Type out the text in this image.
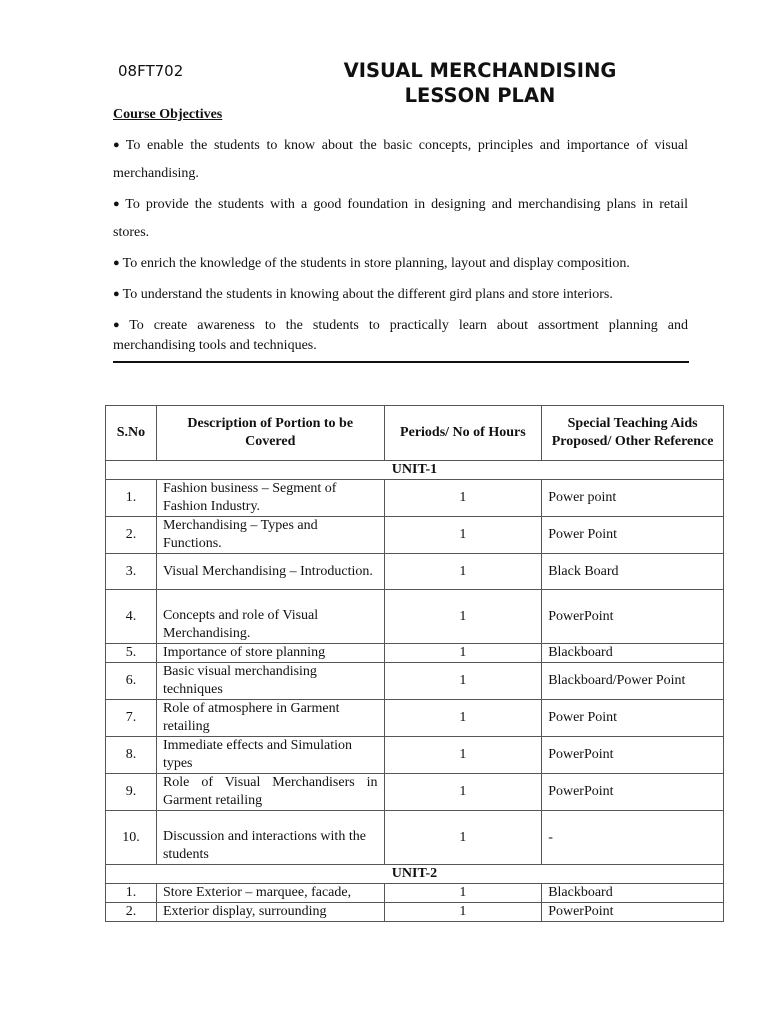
08FT702	VISUAL MERCHANDISING
LESSON PLAN
Course Objectives
● To enable the students to know about the basic concepts, principles and importance of visual merchandising.
● To provide the students with a good foundation in designing and merchandising plans in retail stores.
● To enrich the knowledge of the students in store planning, layout and display composition.
● To understand the students in knowing about the different gird plans and store interiors.
● To create awareness to the students to practically learn about assortment planning and merchandising tools and techniques.
S.No	Description of Portion to be Covered	Periods/ No of Hours	Special Teaching Aids Proposed/ Other Reference
UNIT-1			
1.	Fashion business – Segment of Fashion Industry.	1	Power point
2.	Merchandising – Types and Functions.	1	Power Point
3.	Visual Merchandising – Introduction.	1	Black Board
4.	Concepts and role of Visual Merchandising.	1	PowerPoint
5.	Importance of store planning	1	Blackboard
6.	Basic visual merchandising techniques	1	Blackboard/Power Point
7.	Role of atmosphere in Garment retailing	1	Power Point
8.	Immediate effects and Simulation types	1	PowerPoint
9.	Role of Visual Merchandisers in Garment retailing	1	PowerPoint
10.	Discussion and interactions with the students	1	-
UNIT-2			
1.	Store Exterior – marquee, facade,	1	Blackboard
2.	Exterior display, surrounding	1	PowerPoint
